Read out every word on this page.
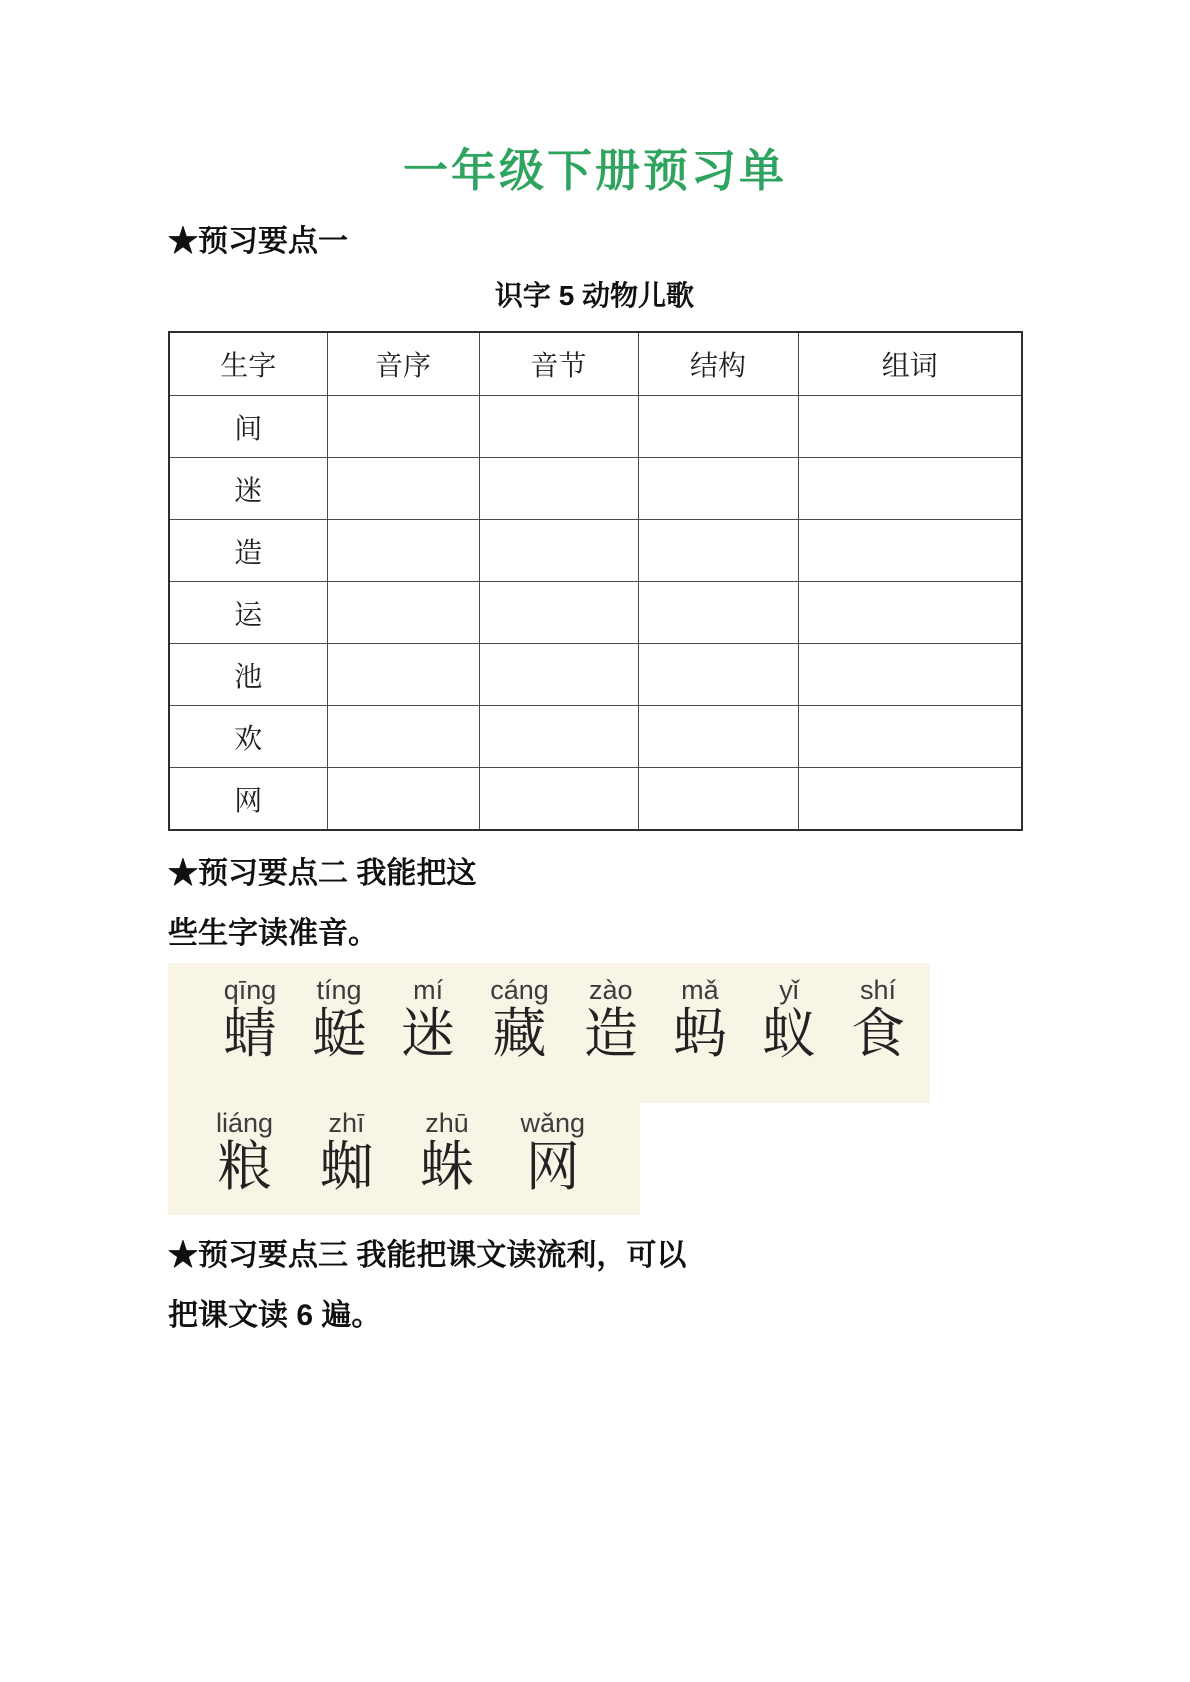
一年级下册预习单
★预习要点一
识字 5 动物儿歌
生字	音序	音节	结构	组词
间				
迷				
造				
运				
池				
欢				
网				
★预习要点二 我能把这
些生字读准音。
qīng
蜻
tíng
蜓
mí
迷
cáng
藏
zào
造
mǎ
蚂
yǐ
蚁
shí
食
liáng
粮
zhī
蜘
zhū
蛛
wǎng
网
★预习要点三 我能把课文读流利，可以
把课文读 6 遍。
